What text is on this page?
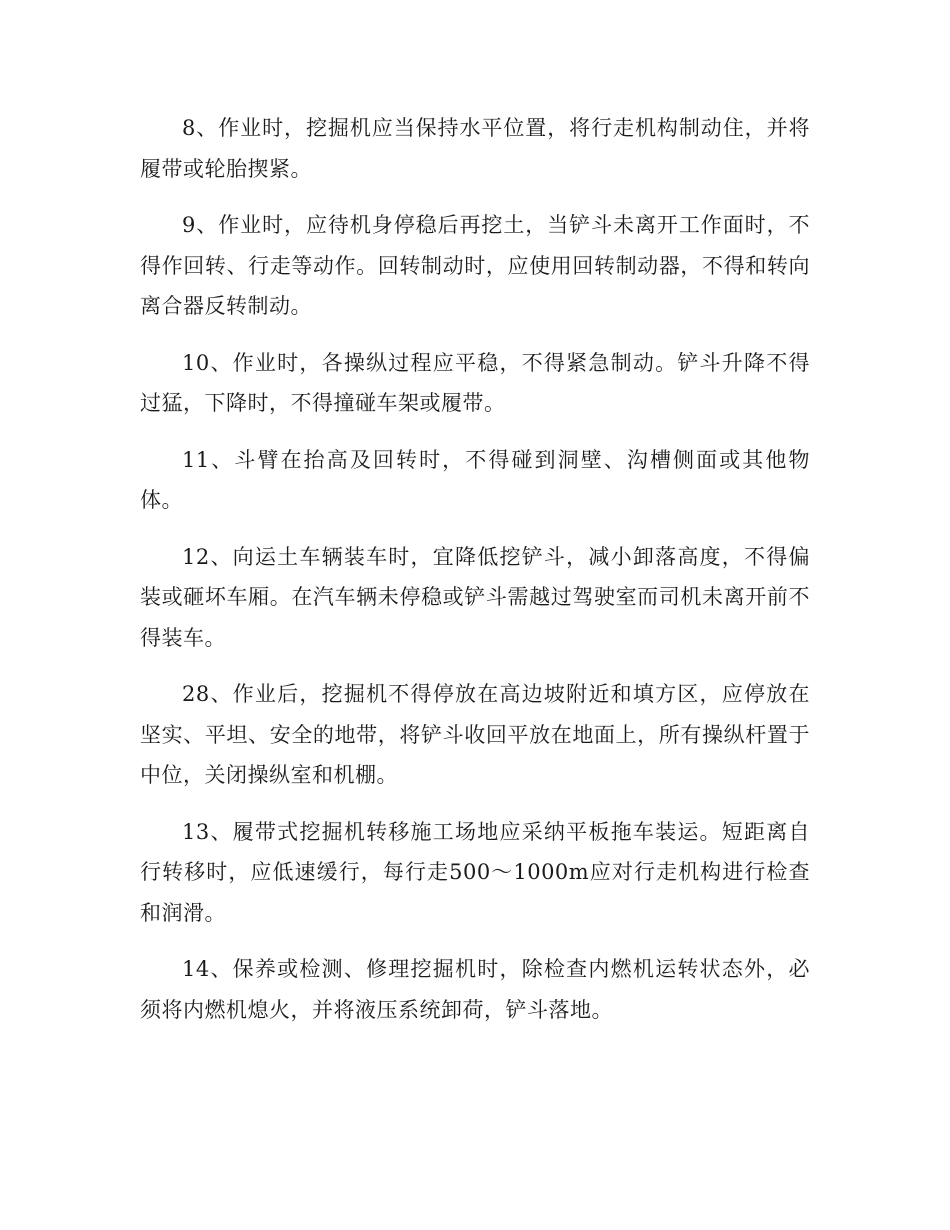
8、作业时，挖掘机应当保持水平位置，将行走机构制动住，并将履带或轮胎揳紧。

9、作业时，应待机身停稳后再挖土，当铲斗未离开工作面时，不得作回转、行走等动作。回转制动时，应使用回转制动器，不得和转向离合器反转制动。

10、作业时，各操纵过程应平稳，不得紧急制动。铲斗升降不得过猛，下降时，不得撞碰车架或履带。

11、斗臂在抬高及回转时，不得碰到洞壁、沟槽侧面或其他物体。

12、向运土车辆装车时，宜降低挖铲斗，减小卸落高度，不得偏装或砸坏车厢。在汽车辆未停稳或铲斗需越过驾驶室而司机未离开前不得装车。

28、作业后，挖掘机不得停放在高边坡附近和填方区，应停放在坚实、平坦、安全的地带，将铲斗收回平放在地面上，所有操纵杆置于中位，关闭操纵室和机棚。

13、履带式挖掘机转移施工场地应采纳平板拖车装运。短距离自行转移时，应低速缓行，每行走500～1000m应对行走机构进行检查和润滑。

14、保养或检测、修理挖掘机时，除检查内燃机运转状态外，必须将内燃机熄火，并将液压系统卸荷，铲斗落地。
